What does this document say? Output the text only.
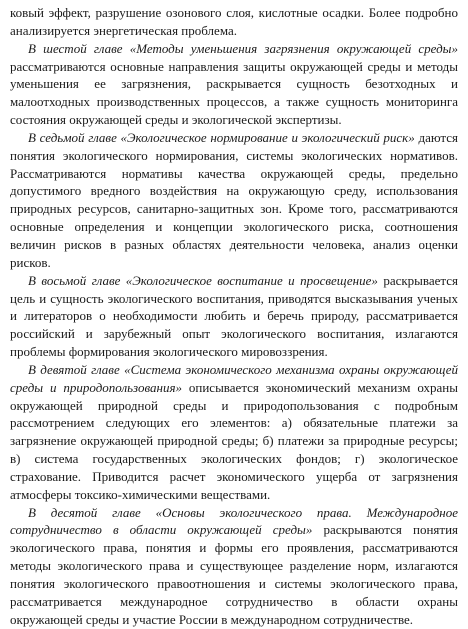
ковый эффект, разрушение озонового слоя, кислотные осадки. Более подробно анализируется энергетическая проблема.

В шестой главе «Методы уменьшения загрязнения окружающей среды» рассматриваются основные направления защиты окружающей среды и методы уменьшения ее загрязнения, раскрывается сущность безотходных и малоотходных производственных процессов, а также сущность мониторинга состояния окружающей среды и экологической экспертизы.

В седьмой главе «Экологическое нормирование и экологический риск» даются понятия экологического нормирования, системы экологических нормативов. Рассматриваются нормативы качества окружающей среды, предельно допустимого вредного воздействия на окружающую среду, использования природных ресурсов, санитарно-защитных зон. Кроме того, рассматриваются основные определения и концепции экологического риска, соотношения величин рисков в разных областях деятельности человека, анализ оценки рисков.

В восьмой главе «Экологическое воспитание и просвещение» раскрывается цель и сущность экологического воспитания, приводятся высказывания ученых и литераторов о необходимости любить и беречь природу, рассматривается российский и зарубежный опыт экологического воспитания, излагаются проблемы формирования экологического мировоззрения.

В девятой главе «Система экономического механизма охраны окружающей среды и природопользования» описывается экономический механизм охраны окружающей природной среды и природопользования с подробным рассмотрением следующих его элементов: а) обязательные платежи за загрязнение окружающей природной среды; б) платежи за природные ресурсы; в) система государственных экологических фондов; г) экологическое страхование. Приводится расчет экономического ущерба от загрязнения атмосферы токсико-химическими веществами.

В десятой главе «Основы экологического права. Международное сотрудничество в области окружающей среды» раскрываются понятия экологического права, понятия и формы его проявления, рассматриваются методы экологического права и существующее разделение норм, излагаются понятия экологического правоотношения и системы экологического права, рассматривается международное сотрудничество в области охраны окружающей среды и участие России в международном сотрудничестве.
